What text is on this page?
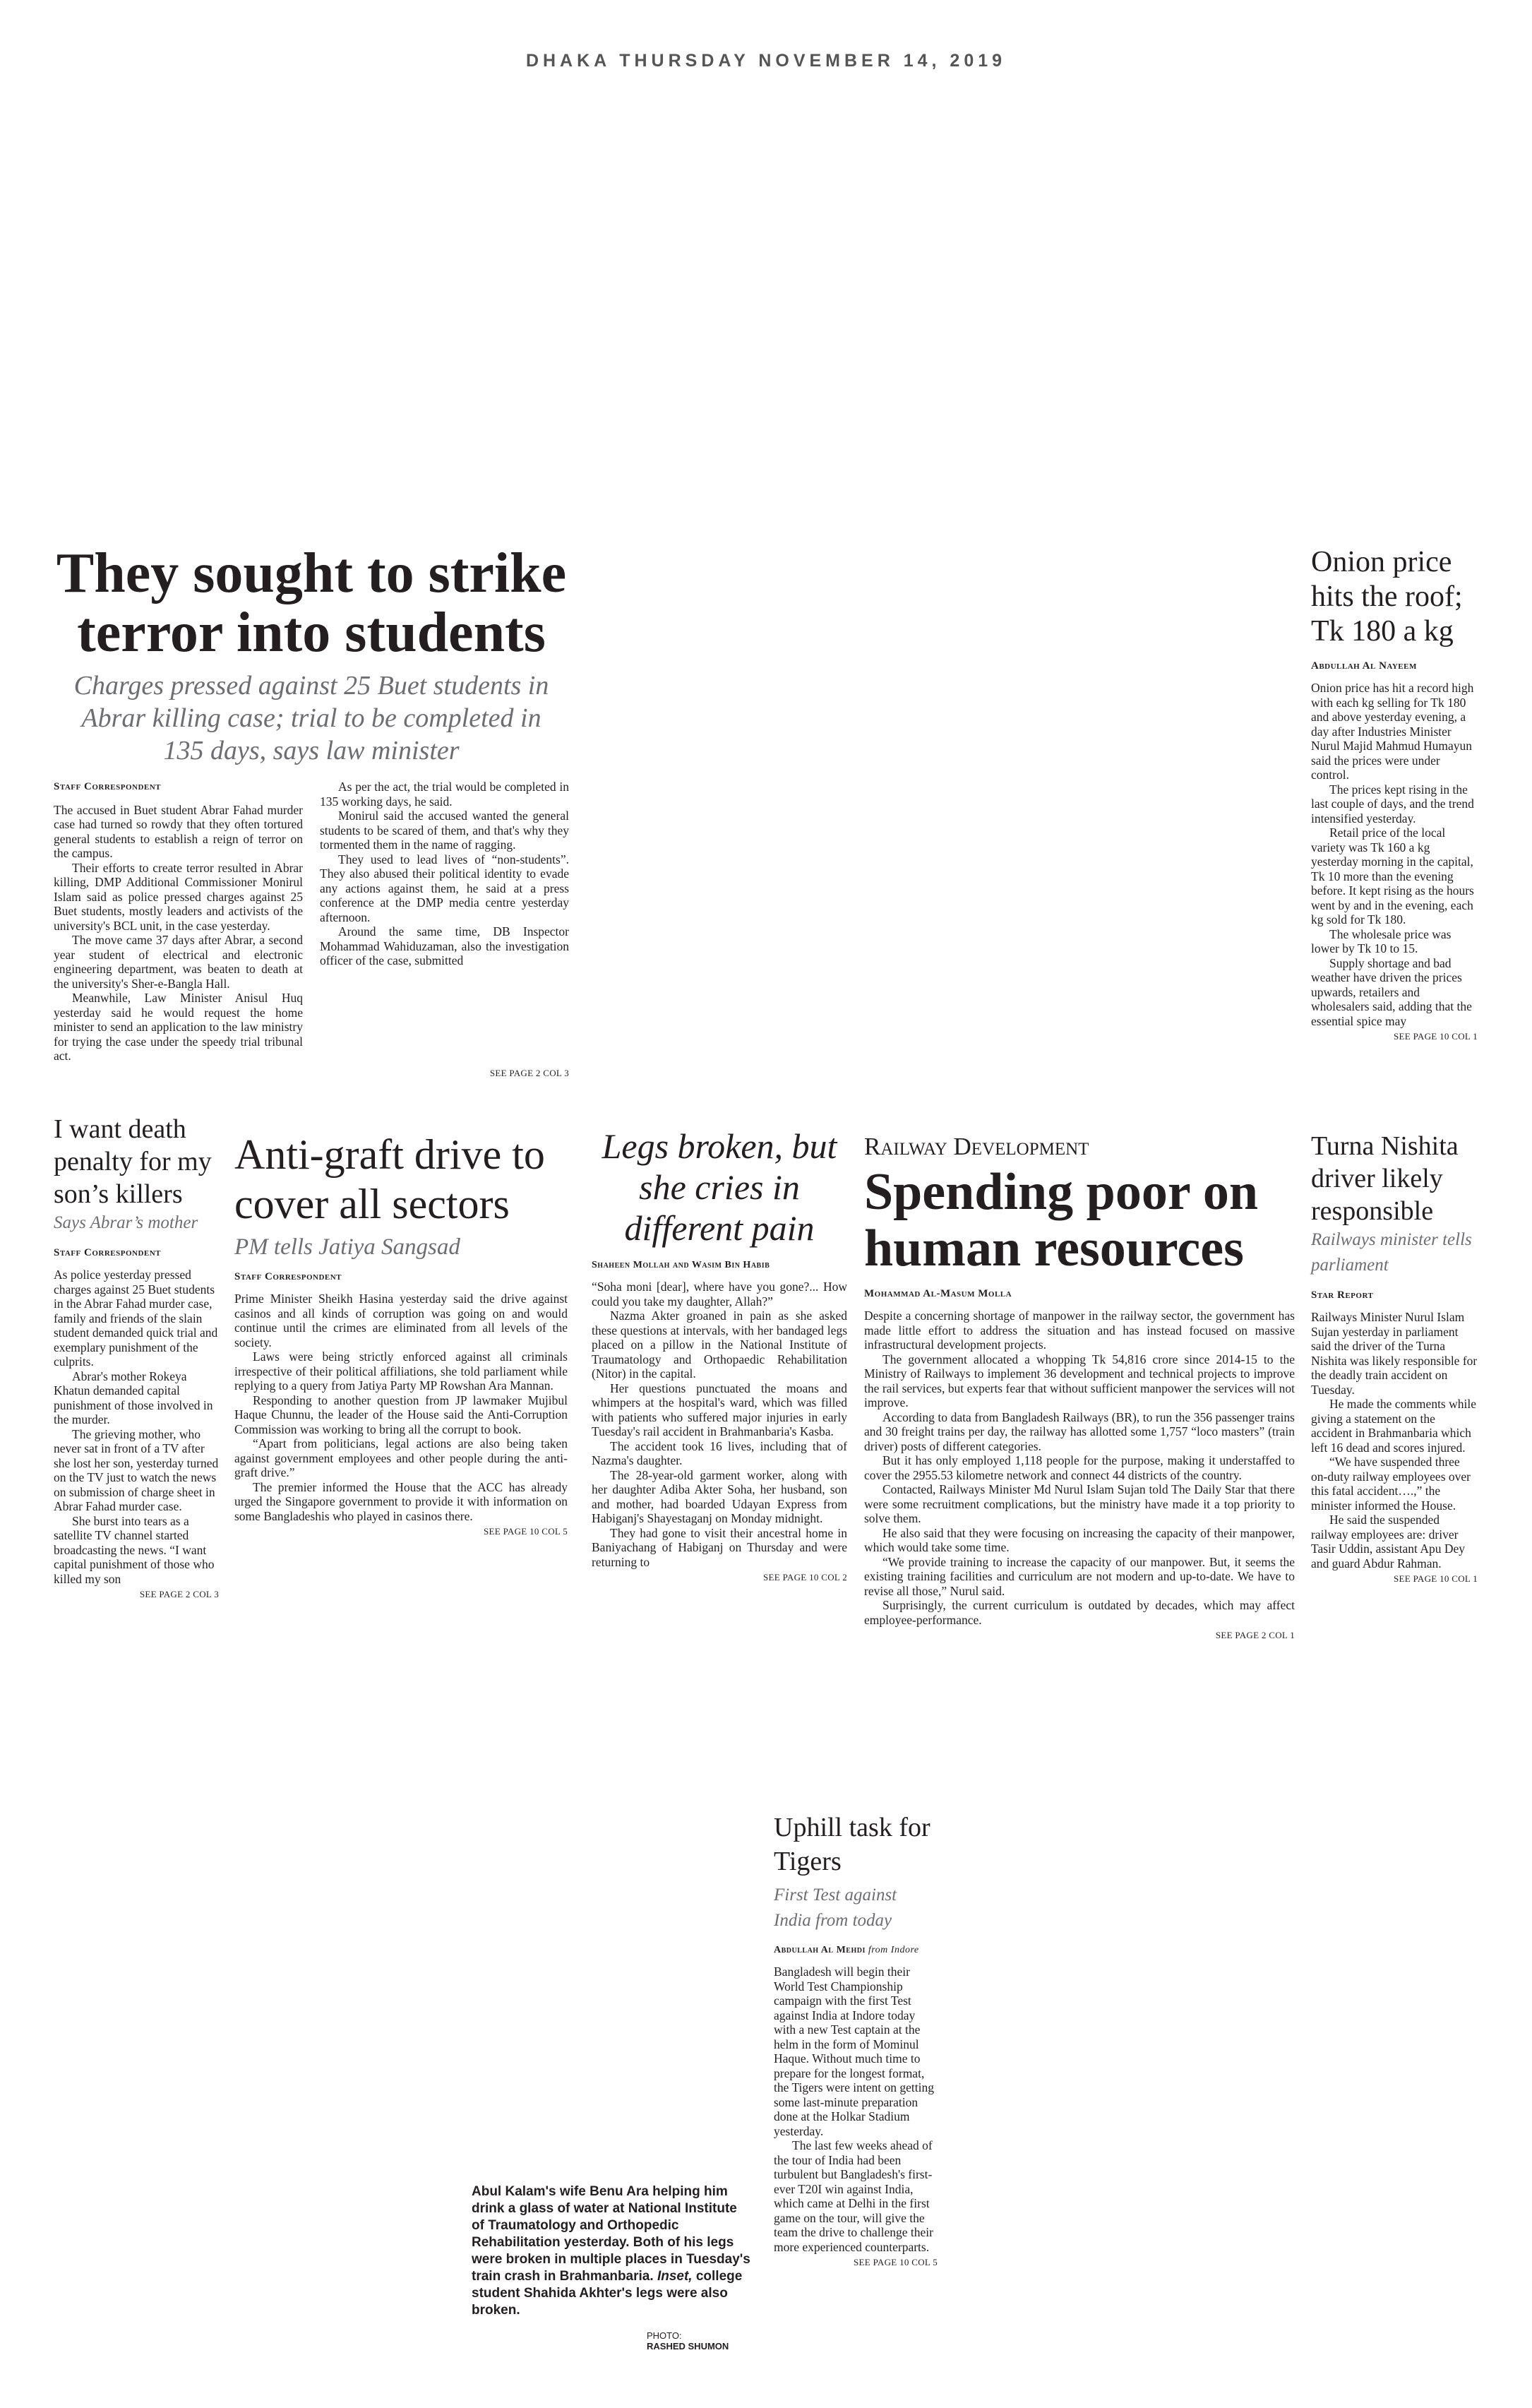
DHAKA THURSDAY NOVEMBER 14, 2019
They sought to strike
terror into students
Charges pressed against 25 Buet students in Abrar killing case; trial to be completed in 135 days, says law minister
Staff Correspondent

The accused in Buet student Abrar Fahad murder case had turned so rowdy that they often tortured general students to establish a reign of terror on the campus.

Their efforts to create terror resulted in Abrar killing, DMP Additional Commissioner Monirul Islam said as police pressed charges against 25 Buet students, mostly leaders and activists of the university's BCL unit, in the case yesterday.

The move came 37 days after Abrar, a second year student of electrical and electronic engineering department, was beaten to death at the university's Sher-e-Bangla Hall.

Meanwhile, Law Minister Anisul Huq yesterday said he would request the home minister to send an application to the law ministry for trying the case under the speedy trial tribunal act.

As per the act, the trial would be completed in 135 working days, he said.

Monirul said the accused wanted the general students to be scared of them, and that's why they tormented them in the name of ragging.

They used to lead lives of “non-students”. They also abused their political identity to evade any actions against them, he said at a press conference at the DMP media centre yesterday afternoon.

Around the same time, DB Inspector Mohammad Wahiduzaman, also the investigation officer of the case, submitted

SEE PAGE 2 COL 3
Onion price hits the roof; Tk 180 a kg
Abdullah Al Nayeem

Onion price has hit a record high with each kg selling for Tk 180 and above yesterday evening, a day after Industries Minister Nurul Majid Mahmud Humayun said the prices were under control.

The prices kept rising in the last couple of days, and the trend intensified yesterday.

Retail price of the local variety was Tk 160 a kg yesterday morning in the capital, Tk 10 more than the evening before. It kept rising as the hours went by and in the evening, each kg sold for Tk 180.

The wholesale price was lower by Tk 10 to 15.

Supply shortage and bad weather have driven the prices upwards, retailers and wholesalers said, adding that the essential spice may

SEE PAGE 10 COL 1
I want death penalty for my son’s killers
Says Abrar’s mother
Staff Correspondent

As police yesterday pressed charges against 25 Buet students in the Abrar Fahad murder case, family and friends of the slain student demanded quick trial and exemplary punishment of the culprits.

Abrar's mother Rokeya Khatun demanded capital punishment of those involved in the murder.

The grieving mother, who never sat in front of a TV after she lost her son, yesterday turned on the TV just to watch the news on submission of charge sheet in Abrar Fahad murder case.

She burst into tears as a satellite TV channel started broadcasting the news. “I want capital punishment of those who killed my son

SEE PAGE 2 COL 3
Anti-graft drive to cover all sectors
PM tells Jatiya Sangsad
Staff Correspondent

Prime Minister Sheikh Hasina yesterday said the drive against casinos and all kinds of corruption was going on and would continue until the crimes are eliminated from all levels of the society.

Laws were being strictly enforced against all criminals irrespective of their political affiliations, she told parliament while replying to a query from Jatiya Party MP Rowshan Ara Mannan.

Responding to another question from JP lawmaker Mujibul Haque Chunnu, the leader of the House said the Anti-Corruption Commission was working to bring all the corrupt to book.

“Apart from politicians, legal actions are also being taken against government employees and other people during the anti-graft drive.”

The premier informed the House that the ACC has already urged the Singapore government to provide it with information on some Bangladeshis who played in casinos there.

SEE PAGE 10 COL 5
Legs broken, but she cries in different pain
Shaheen Mollah and Wasim Bin Habib

“Soha moni [dear], where have you gone?... How could you take my daughter, Allah?”

Nazma Akter groaned in pain as she asked these questions at intervals, with her bandaged legs placed on a pillow in the National Institute of Traumatology and Orthopaedic Rehabilitation (Nitor) in the capital.

Her questions punctuated the moans and whimpers at the hospital's ward, which was filled with patients who suffered major injuries in early Tuesday's rail accident in Brahmanbaria's Kasba.

The accident took 16 lives, including that of Nazma's daughter.

The 28-year-old garment worker, along with her daughter Adiba Akter Soha, her husband, son and mother, had boarded Udayan Express from Habiganj's Shayestaganj on Monday midnight.

They had gone to visit their ancestral home in Baniyachang of Habiganj on Thursday and were returning to

SEE PAGE 10 COL 2
Railway Development
Spending poor on human resources
Mohammad Al-Masum Molla

Despite a concerning shortage of manpower in the railway sector, the government has made little effort to address the situation and has instead focused on massive infrastructural development projects.

The government allocated a whopping Tk 54,816 crore since 2014-15 to the Ministry of Railways to implement 36 development and technical projects to improve the rail services, but experts fear that without sufficient manpower the services will not improve.

According to data from Bangladesh Railways (BR), to run the 356 passenger trains and 30 freight trains per day, the railway has allotted some 1,757 “loco masters” (train driver) posts of different categories.

But it has only employed 1,118 people for the purpose, making it understaffed to cover the 2955.53 kilometre network and connect 44 districts of the country.

Contacted, Railways Minister Md Nurul Islam Sujan told The Daily Star that there were some recruitment complications, but the ministry have made it a top priority to solve them.

He also said that they were focusing on increasing the capacity of their manpower, which would take some time.

“We provide training to increase the capacity of our manpower. But, it seems the existing training facilities and curriculum are not modern and up-to-date. We have to revise all those,” Nurul said.

Surprisingly, the current curriculum is outdated by decades, which may affect employee-performance.

SEE PAGE 2 COL 1
Turna Nishita driver likely responsible
Railways minister tells parliament
Star Report

Railways Minister Nurul Islam Sujan yesterday in parliament said the driver of the Turna Nishita was likely responsible for the deadly train accident on Tuesday.

He made the comments while giving a statement on the accident in Brahmanbaria which left 16 dead and scores injured.

“We have suspended three on-duty railway employees over this fatal accident….,” the minister informed the House.

He said the suspended railway employees are: driver Tasir Uddin, assistant Apu Dey and guard Abdur Rahman.

SEE PAGE 10 COL 1
Abul Kalam's wife Benu Ara helping him drink a glass of water at National Institute of Traumatology and Orthopedic Rehabilitation yesterday. Both of his legs were broken in multiple places in Tuesday's train crash in Brahmanbaria. Inset, college student Shahida Akhter's legs were also broken.
PHOTO:
RASHED SHUMON
Uphill task for Tigers
First Test against India from today
Abdullah Al Mehdi from Indore

Bangladesh will begin their World Test Championship campaign with the first Test against India at Indore today with a new Test captain at the helm in the form of Mominul Haque. Without much time to prepare for the longest format, the Tigers were intent on getting some last-minute preparation done at the Holkar Stadium yesterday.

The last few weeks ahead of the tour of India had been turbulent but Bangladesh's first-ever T20I win against India, which came at Delhi in the first game on the tour, will give the team the drive to challenge their more experienced counterparts.

SEE PAGE 10 COL 5
